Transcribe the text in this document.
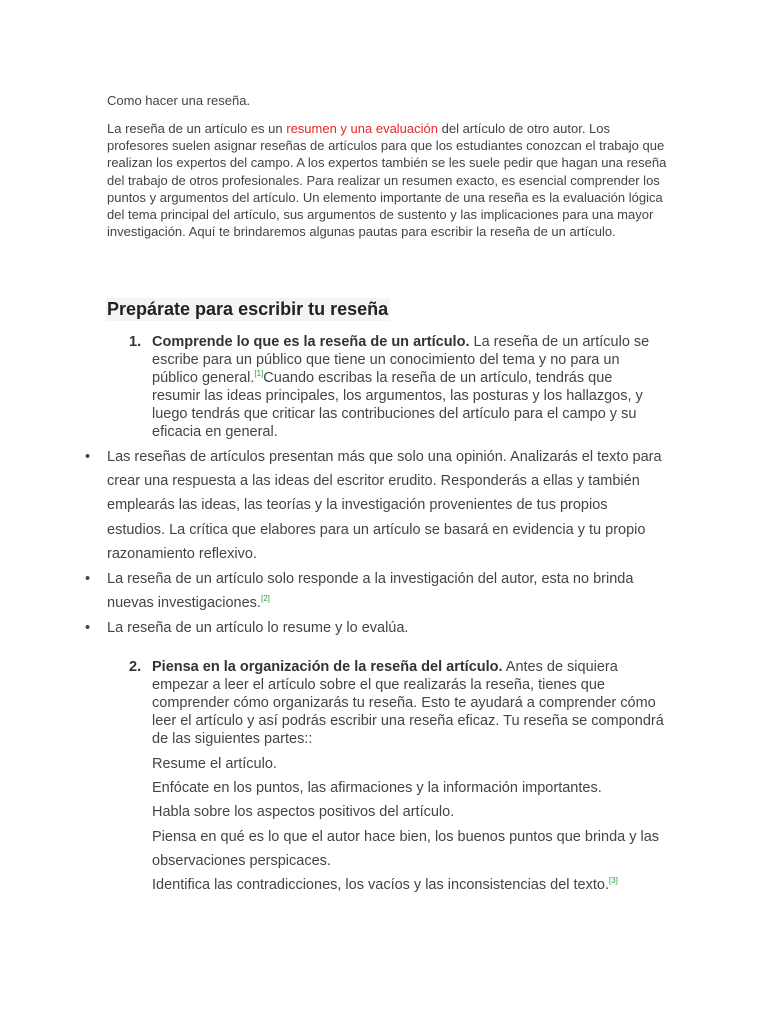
Como hacer una reseña.

La reseña de un artículo es un resumen y una evaluación del artículo de otro autor. Los profesores suelen asignar reseñas de artículos para que los estudiantes conozcan el trabajo que realizan los expertos del campo. A los expertos también se les suele pedir que hagan una reseña del trabajo de otros profesionales. Para realizar un resumen exacto, es esencial comprender los puntos y argumentos del artículo. Un elemento importante de una reseña es la evaluación lógica del tema principal del artículo, sus argumentos de sustento y las implicaciones para una mayor investigación. Aquí te brindaremos algunas pautas para escribir la reseña de un artículo.

Prepárate para escribir tu reseña
1. Comprende lo que es la reseña de un artículo. La reseña de un artículo se escribe para un público que tiene un conocimiento del tema y no para un público general.[1]Cuando escribas la reseña de un artículo, tendrás que resumir las ideas principales, los argumentos, las posturas y los hallazgos, y luego tendrás que criticar las contribuciones del artículo para el campo y su eficacia en general.
• Las reseñas de artículos presentan más que solo una opinión. Analizarás el texto para crear una respuesta a las ideas del escritor erudito. Responderás a ellas y también emplearás las ideas, las teorías y la investigación provenientes de tus propios estudios. La crítica que elabores para un artículo se basará en evidencia y tu propio razonamiento reflexivo.
• La reseña de un artículo solo responde a la investigación del autor, esta no brinda nuevas investigaciones.[2]
• La reseña de un artículo lo resume y lo evalúa.
2. Piensa en la organización de la reseña del artículo. Antes de siquiera empezar a leer el artículo sobre el que realizarás la reseña, tienes que comprender cómo organizarás tu reseña. Esto te ayudará a comprender cómo leer el artículo y así podrás escribir una reseña eficaz. Tu reseña se compondrá de las siguientes partes::
Resume el artículo.
Enfócate en los puntos, las afirmaciones y la información importantes.
Habla sobre los aspectos positivos del artículo.
Piensa en qué es lo que el autor hace bien, los buenos puntos que brinda y las observaciones perspicaces.
Identifica las contradicciones, los vacíos y las inconsistencias del texto.[3]
